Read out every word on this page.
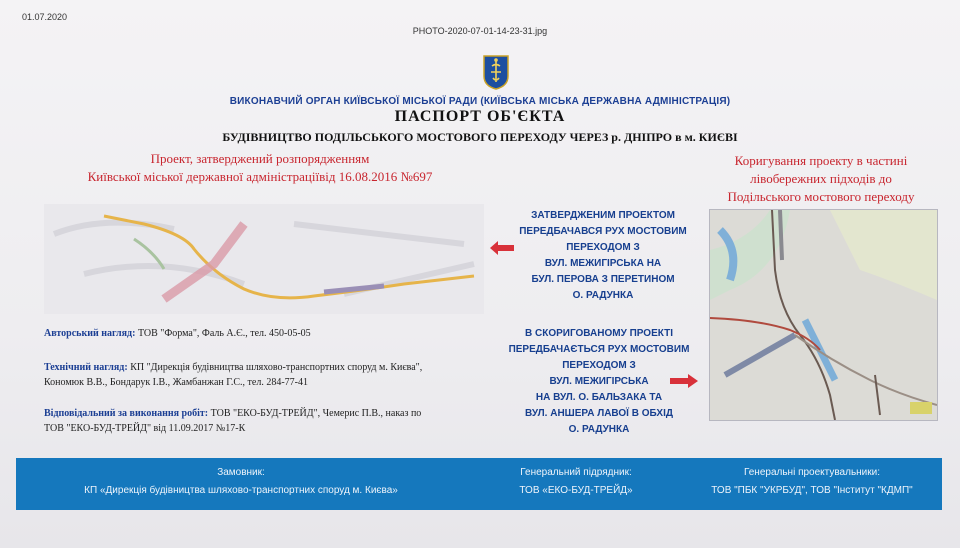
01.07.2020
PHOTO-2020-07-01-14-23-31.jpg
ВИКОНАВЧИЙ ОРГАН КИЇВСЬКОЇ МІСЬКОЇ РАДИ (КИЇВСЬКА МІСЬКА ДЕРЖАВНА АДМІНІСТРАЦІЯ)
ПАСПОРТ ОБ'ЄКТА
БУДІВНИЦТВО ПОДІЛЬСЬКОГО МОСТОВОГО ПЕРЕХОДУ ЧЕРЕЗ р. ДНІПРО в м. КИЄВІ
Проект, затверджений розпорядженням
Київської міської державної адміністраціївід 16.08.2016 №697
Коригування проекту в частині
лівобережних підходів до
Подільського мостового переходу
ЗАТВЕРДЖЕНИМ ПРОЕКТОМ
ПЕРЕДБАЧАВСЯ РУХ МОСТОВИМ
ПЕРЕХОДОМ З
ВУЛ. МЕЖИГІРСЬКА НА
БУЛ. ПЕРОВА З ПЕРЕТИНОМ
О. РАДУНКА
В СКОРИГОВАНОМУ ПРОЕКТІ
ПЕРЕДБАЧАЄТЬСЯ РУХ МОСТОВИМ
ПЕРЕХОДОМ З
ВУЛ. МЕЖИГІРСЬКА
НА ВУЛ. О. БАЛЬЗАКА ТА
ВУЛ. АНШЕРА ЛАВОЇ В ОБХІД
О. РАДУНКА
Авторський нагляд: ТОВ "Форма", Фаль А.Є., тел. 450-05-05
Технічний нагляд: КП "Дирекція будівництва шляхово-транспортних споруд м. Києва",
Кономюк В.В., Бондарук І.В., Жамбанжан Г.С., тел. 284-77-41
Відповідальний за виконання робіт: ТОВ "ЕКО-БУД-ТРЕЙД", Чемерис П.В., наказ по
ТОВ "ЕКО-БУД-ТРЕЙД" від 11.09.2017 №17-К
Замовник:
КП «Дирекція будівництва шляхово-транспортних споруд м. Києва»
Генеральний підрядник:
ТОВ «ЕКО-БУД-ТРЕЙД»
Генеральні проектувальники:
ТОВ "ПБК "УКРБУД", ТОВ "Інститут "КДМП"
